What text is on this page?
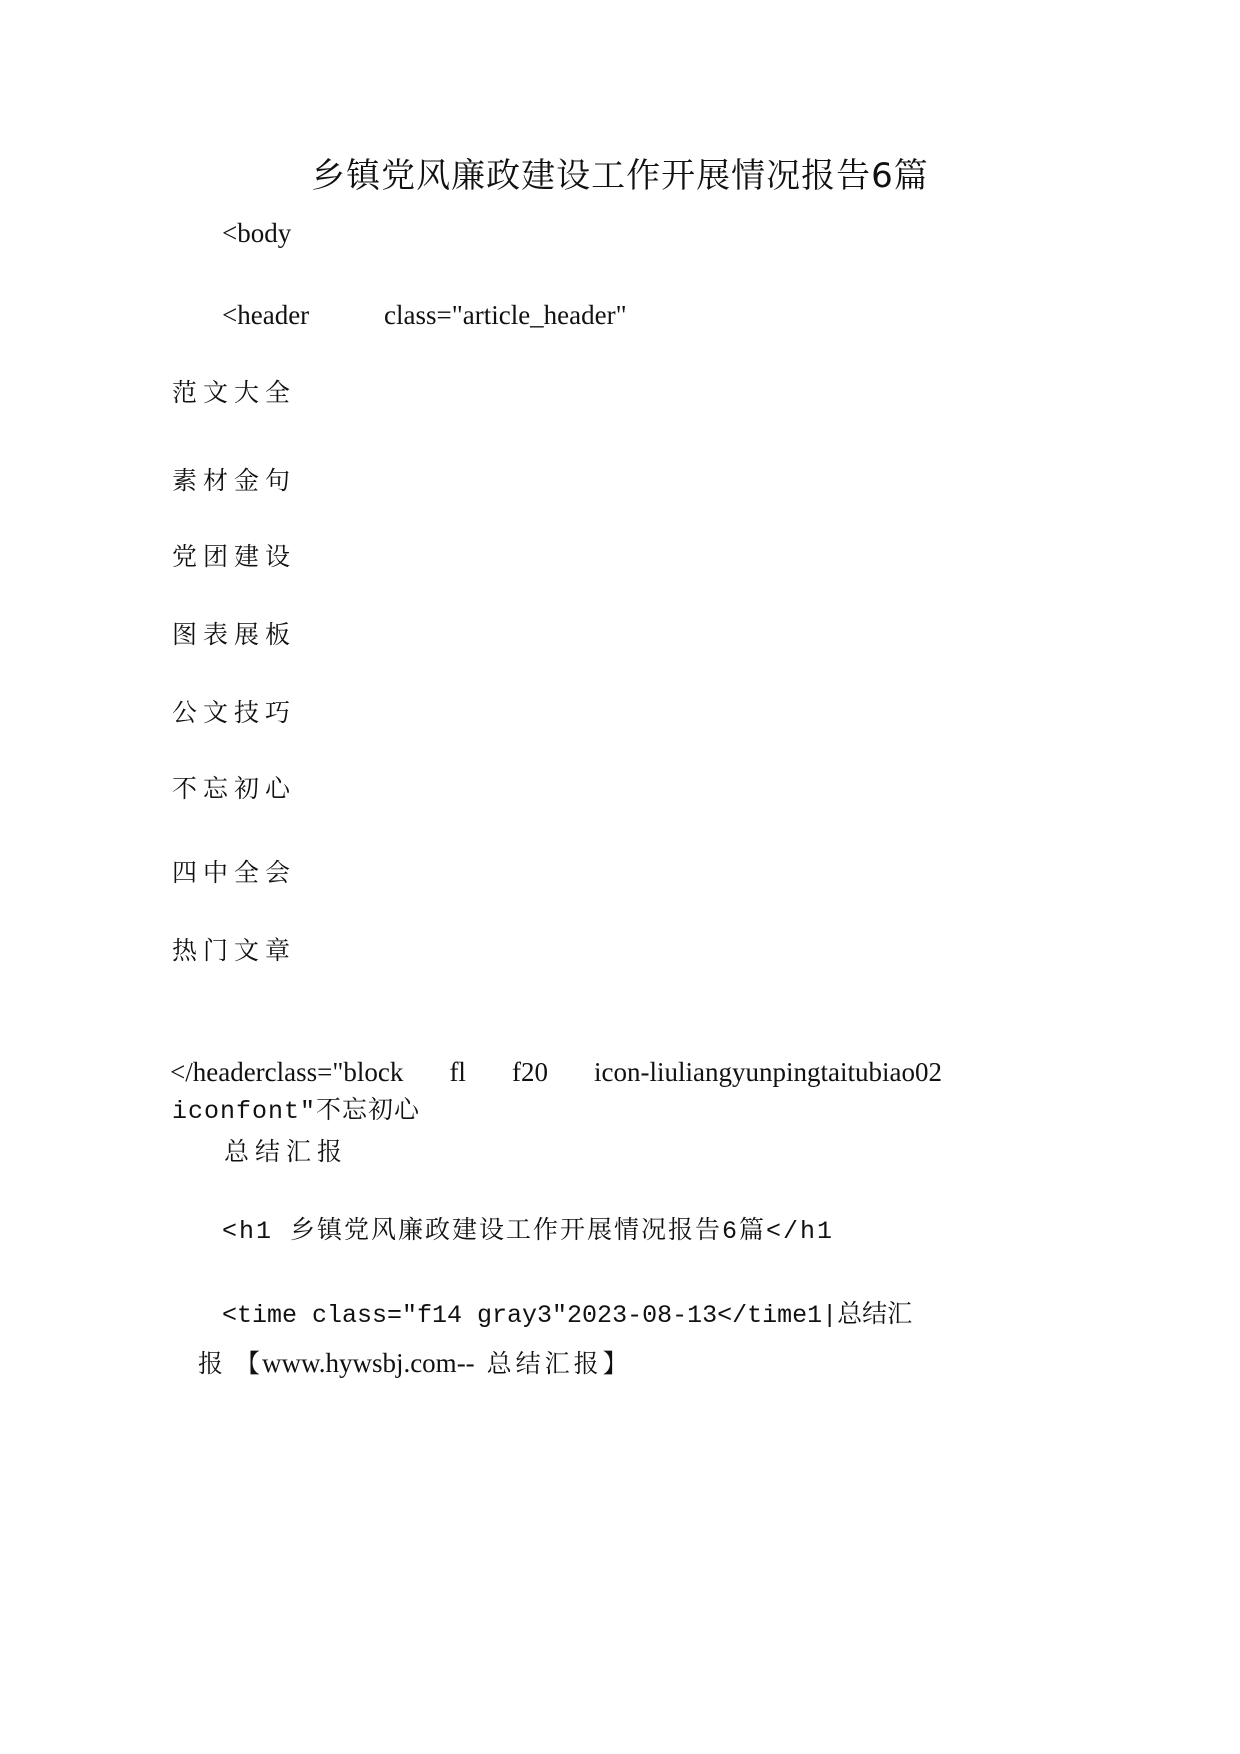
乡镇党风廉政建设工作开展情况报告6篇
<body
<header	class="article_header"
范文大全
素材金句
党团建设
图表展板
公文技巧
不忘初心
四中全会
热门文章
</headerclass="block fl f20 icon-liuliangyunpingtaitubiao02
iconfont"不忘初心
总结汇报
<h1 乡镇党风廉政建设工作开展情况报告6篇</h1
<time class="f14 gray3"2023-08-13</time1|总结汇

报 【www.hywsbj.com-- 总结汇报】
